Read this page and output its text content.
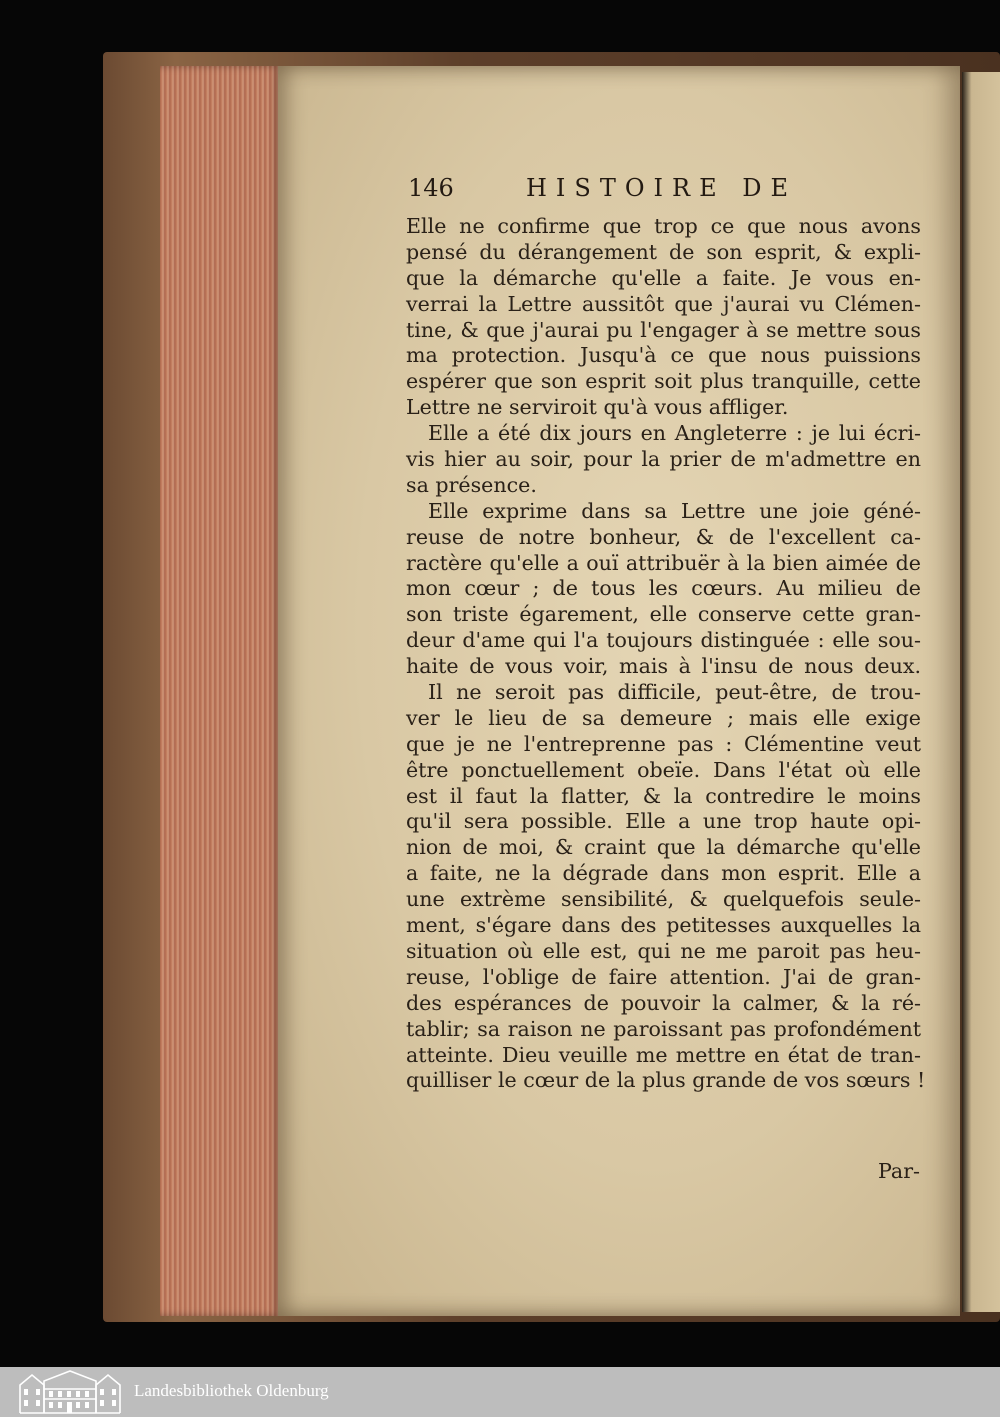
146	HISTOIRE DE
Elle ne confirme que trop ce que nous avons
pensé du dérangement de son esprit, & expli-
que la démarche qu'elle a faite. Je vous en-
verrai la Lettre aussitôt que j'aurai vu Clémen-
tine, & que j'aurai pu l'engager à se mettre sous
ma protection. Jusqu'à ce que nous puissions
espérer que son esprit soit plus tranquille, cette
Lettre ne serviroit qu'à vous affliger.
Elle a été dix jours en Angleterre : je lui écri-
vis hier au soir, pour la prier de m'admettre en
sa présence.
Elle exprime dans sa Lettre une joie géné-
reuse de notre bonheur, & de l'excellent ca-
ractère qu'elle a ouï attribuër à la bien aimée de
mon cœur ; de tous les cœurs. Au milieu de
son triste égarement, elle conserve cette gran-
deur d'ame qui l'a toujours distinguée : elle sou-
haite de vous voir, mais à l'insu de nous deux.
Il ne seroit pas difficile, peut-être, de trou-
ver le lieu de sa demeure ; mais elle exige
que je ne l'entreprenne pas : Clémentine veut
être ponctuellement obeïe. Dans l'état où elle
est il faut la flatter, & la contredire le moins
qu'il sera possible. Elle a une trop haute opi-
nion de moi, & craint que la démarche qu'elle
a faite, ne la dégrade dans mon esprit. Elle a
une extrème sensibilité, & quelquefois seule-
ment, s'égare dans des petitesses auxquelles la
situation où elle est, qui ne me paroit pas heu-
reuse, l'oblige de faire attention. J'ai de gran-
des espérances de pouvoir la calmer, & la ré-
tablir; sa raison ne paroissant pas profondément
atteinte. Dieu veuille me mettre en état de tran-
quilliser le cœur de la plus grande de vos sœurs !
Par-
Landesbibliothek Oldenburg
